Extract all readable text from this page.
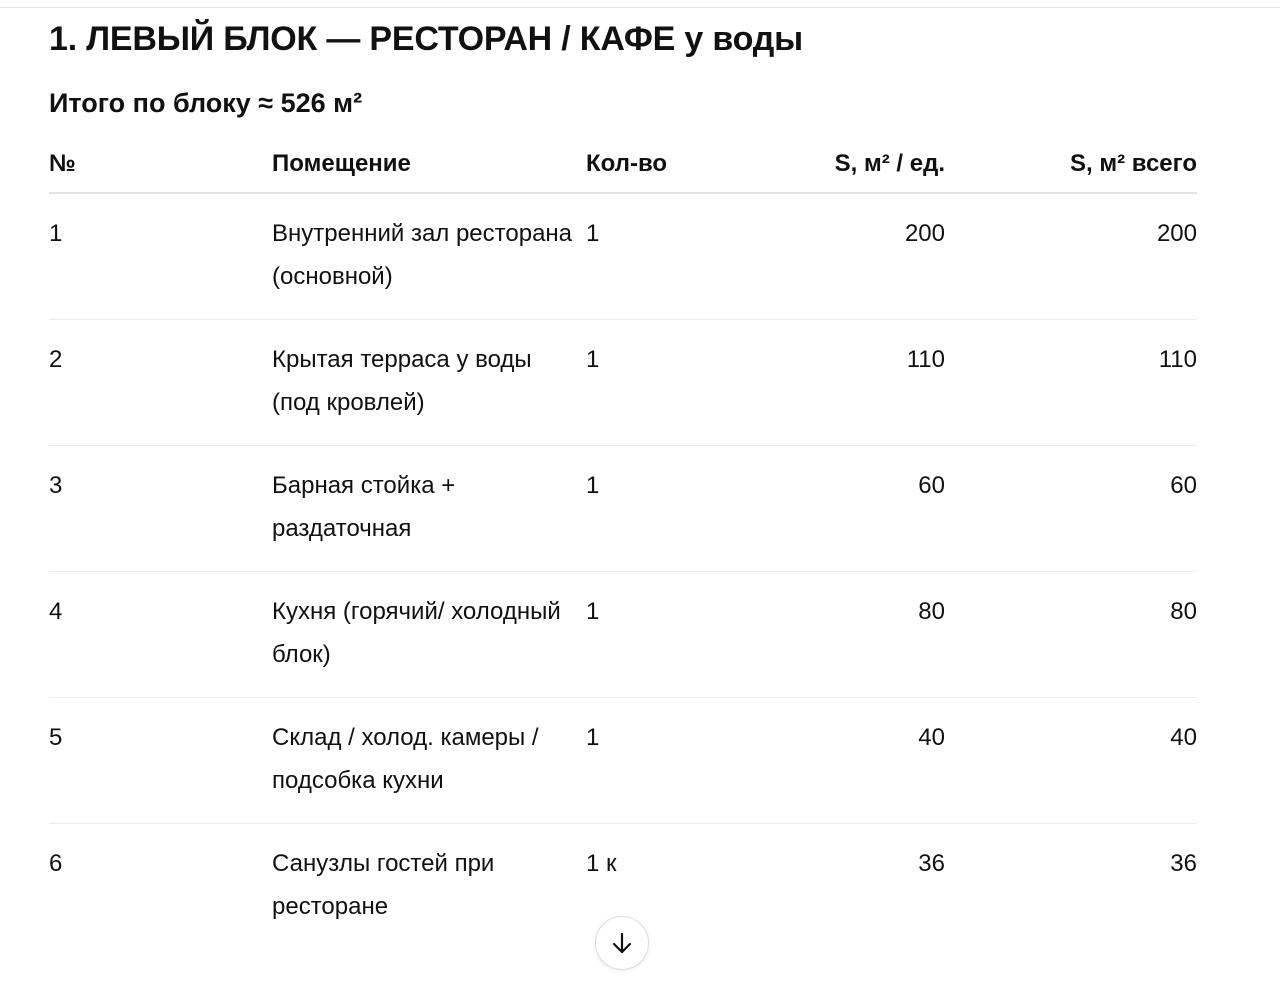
1. ЛЕВЫЙ БЛОК — РЕСТОРАН / КАФЕ у воды
Итого по блоку ≈ 526 м²
№	Помещение	Кол-во	S, м² / ед.	S, м² всего
1	Внутренний зал ресторана (основной)	1	200	200
2	Крытая терраса у воды (под кровлей)	1	110	110
3	Барная стойка + раздаточная	1	60	60
4	Кухня (горячий/ холодный блок)	1	80	80
5	Склад / холод. камеры / подсобка кухни	1	40	40
6	Санузлы гостей при ресторане	1 к	36	36
